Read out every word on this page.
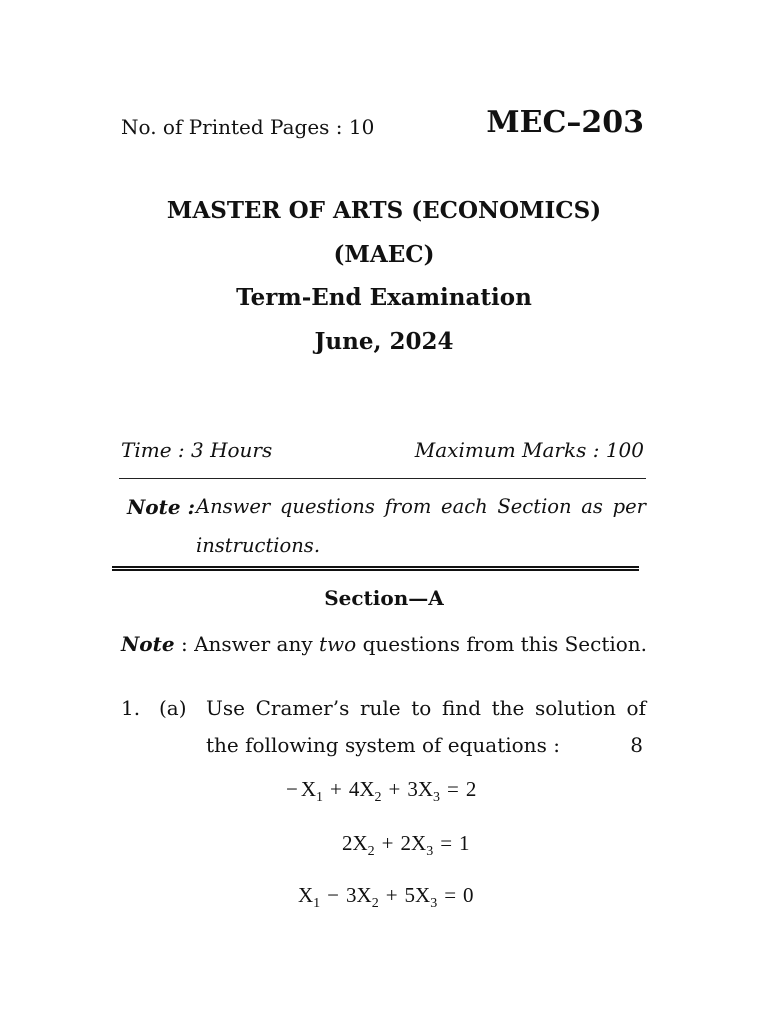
No. of Printed Pages : 10	MEC–203
MASTER OF ARTS (ECONOMICS)
(MAEC)
Term-End Examination
June, 2024
Time : 3 Hours	Maximum Marks : 100
Note : Answer questions from each Section as per
instructions.
Section—A
Note : Answer any two questions from this Section.
1. (a) Use Cramer’s rule to find the solution of
the following system of equations :	8
− X 1 + 4 X 2 + 3 X 3 = 2
2 X 2 + 2 X 3 = 1
X 1 − 3 X 2 + 5 X 3 = 0
